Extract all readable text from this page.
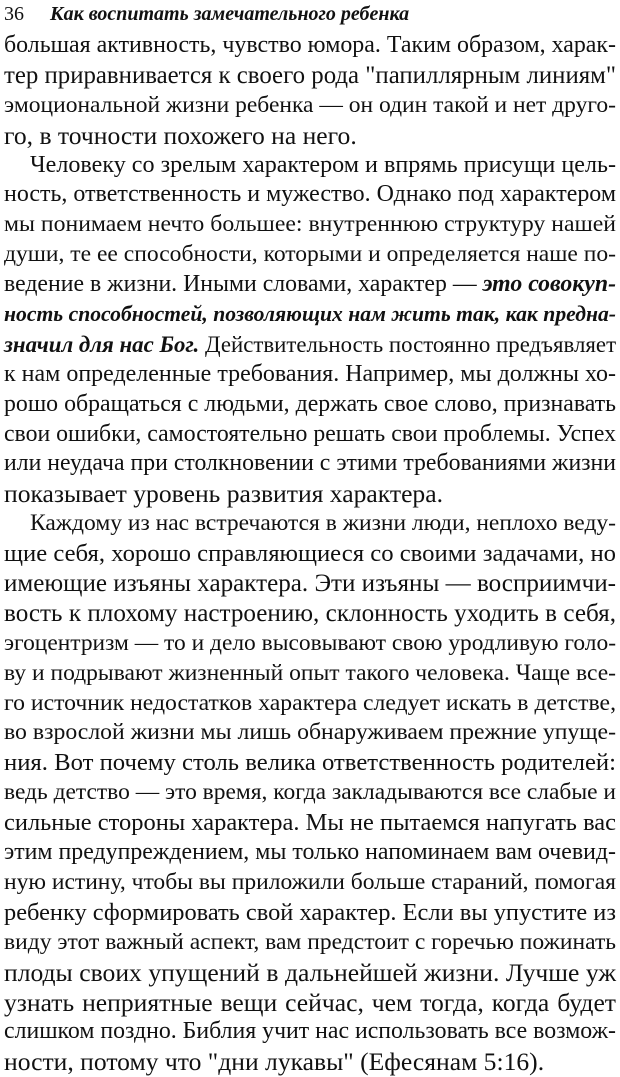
36 Как воспитать замечательного ребенка
большая активность, чувство юмора. Таким образом, харак-
тер приравнивается к своего рода "папиллярным линиям"
эмоциональной жизни ребенка — он один такой и нет друго-
го, в точности похожего на него.
Человеку со зрелым характером и впрямь присущи цель-
ность, ответственность и мужество. Однако под характером
мы понимаем нечто большее: внутреннюю структуру нашей
души, те ее способности, которыми и определяется наше по-
ведение в жизни. Иными словами, характер — это совокуп-
ность способностей, позволяющих нам жить так, как предна-
значил для нас Бог. Действительность постоянно предъявляет
к нам определенные требования. Например, мы должны хо-
рошо обращаться с людьми, держать свое слово, признавать
свои ошибки, самостоятельно решать свои проблемы. Успех
или неудача при столкновении с этими требованиями жизни
показывает уровень развития характера.
Каждому из нас встречаются в жизни люди, неплохо веду-
щие себя, хорошо справляющиеся со своими задачами, но
имеющие изъяны характера. Эти изъяны — восприимчи-
вость к плохому настроению, склонность уходить в себя,
эгоцентризм — то и дело высовывают свою уродливую голо-
ву и подрывают жизненный опыт такого человека. Чаще все-
го источник недостатков характера следует искать в детстве,
во взрослой жизни мы лишь обнаруживаем прежние упуще-
ния. Вот почему столь велика ответственность родителей:
ведь детство — это время, когда закладываются все слабые и
сильные стороны характера. Мы не пытаемся напугать вас
этим предупреждением, мы только напоминаем вам очевид-
ную истину, чтобы вы приложили больше стараний, помогая
ребенку сформировать свой характер. Если вы упустите из
виду этот важный аспект, вам предстоит с горечью пожинать
плоды своих упущений в дальнейшей жизни. Лучше уж
узнать неприятные вещи сейчас, чем тогда, когда будет
слишком поздно. Библия учит нас использовать все возмож-
ности, потому что "дни лукавы" (Ефесянам 5:16).
